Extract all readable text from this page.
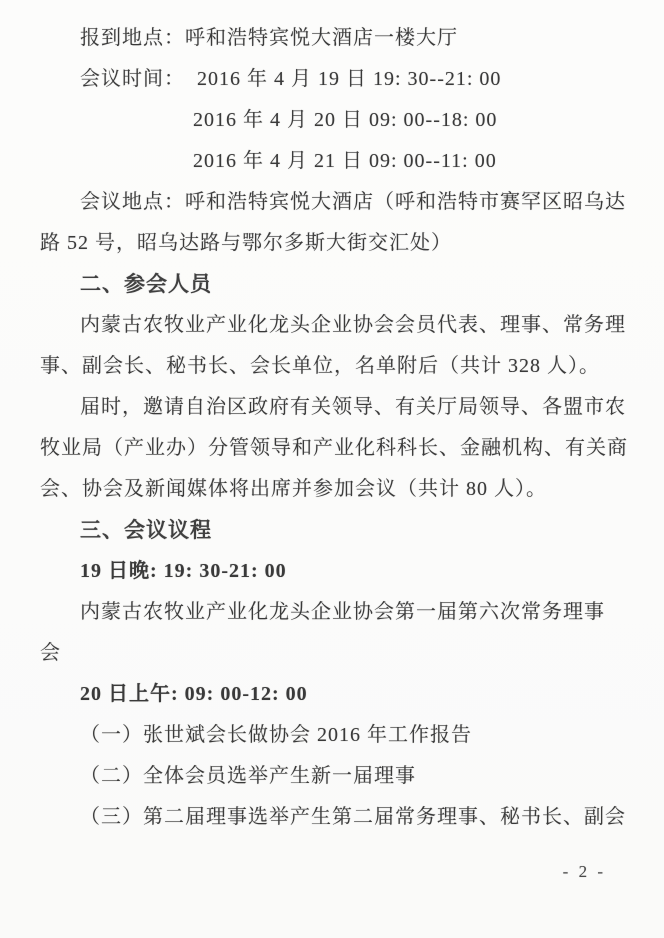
报到地点：呼和浩特宾悦大酒店一楼大厅
会议时间：  2016 年 4 月 19 日 19: 30--21: 00
2016 年 4 月 20 日 09: 00--18: 00
2016 年 4 月 21 日 09: 00--11: 00
会议地点：呼和浩特宾悦大酒店（呼和浩特市赛罕区昭乌达
路 52 号，昭乌达路与鄂尔多斯大街交汇处）
二、参会人员
内蒙古农牧业产业化龙头企业协会会员代表、理事、常务理
事、副会长、秘书长、会长单位，名单附后（共计 328 人）。
届时，邀请自治区政府有关领导、有关厅局领导、各盟市农
牧业局（产业办）分管领导和产业化科科长、金融机构、有关商
会、协会及新闻媒体将出席并参加会议（共计 80 人）。
三、会议议程
19 日晚: 19: 30-21: 00
内蒙古农牧业产业化龙头企业协会第一届第六次常务理事
会
20 日上午: 09: 00-12: 00
（一）张世斌会长做协会 2016 年工作报告
（二）全体会员选举产生新一届理事
（三）第二届理事选举产生第二届常务理事、秘书长、副会
- 2 -
